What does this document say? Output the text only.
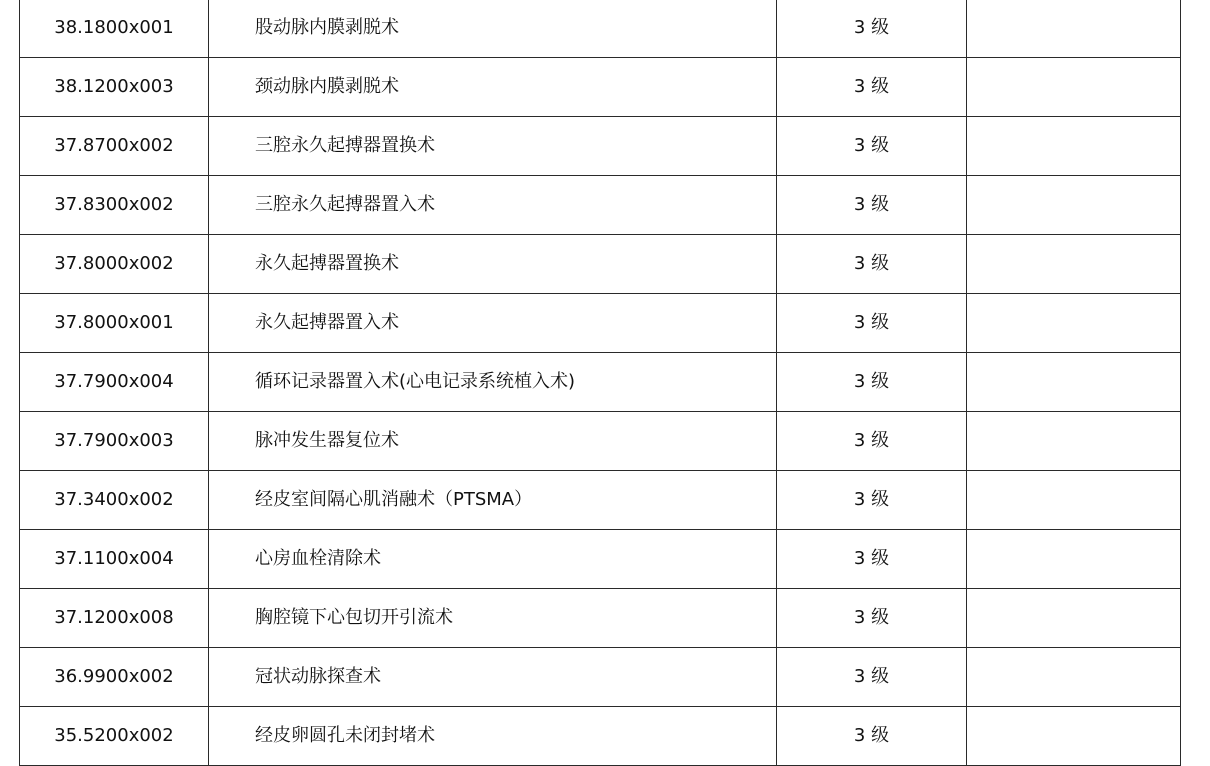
38.1800x001	股动脉内膜剥脱术	3 级	
38.1200x003	颈动脉内膜剥脱术	3 级	
37.8700x002	三腔永久起搏器置换术	3 级	
37.8300x002	三腔永久起搏器置入术	3 级	
37.8000x002	永久起搏器置换术	3 级	
37.8000x001	永久起搏器置入术	3 级	
37.7900x004	循环记录器置入术(心电记录系统植入术)	3 级	
37.7900x003	脉冲发生器复位术	3 级	
37.3400x002	经皮室间隔心肌消融术（PTSMA）	3 级	
37.1100x004	心房血栓清除术	3 级	
37.1200x008	胸腔镜下心包切开引流术	3 级	
36.9900x002	冠状动脉探查术	3 级	
35.5200x002	经皮卵圆孔未闭封堵术	3 级	
